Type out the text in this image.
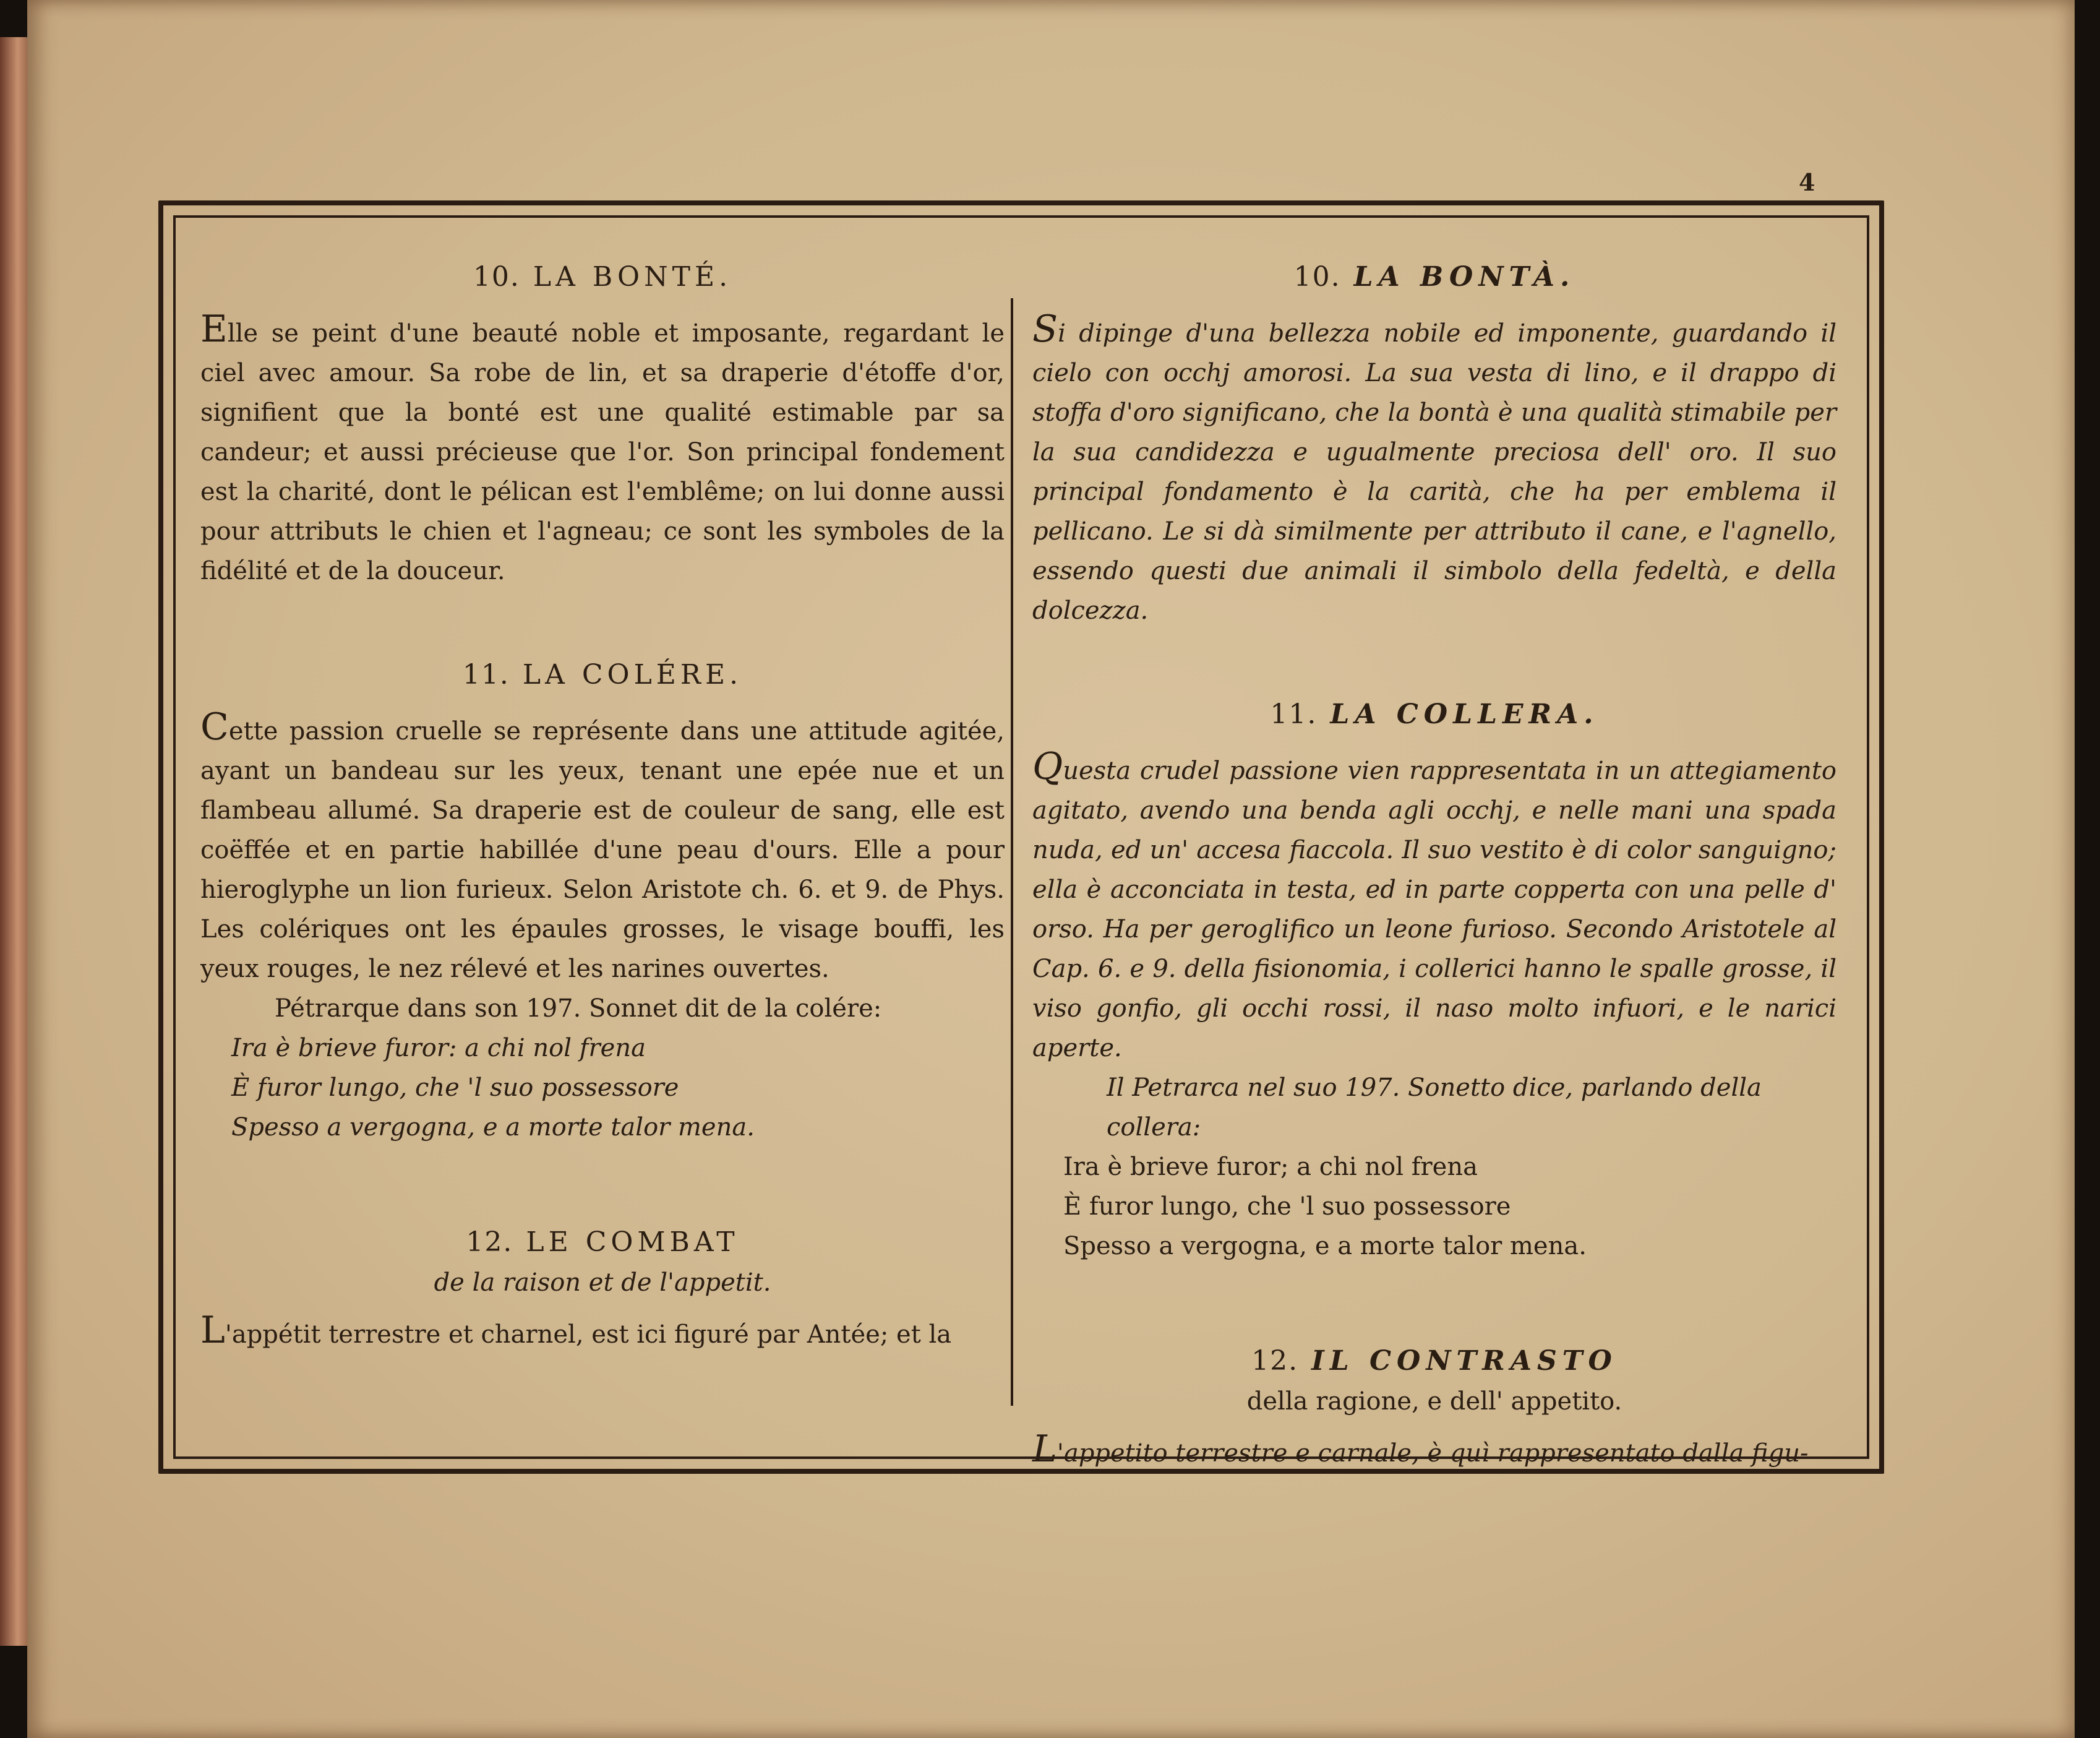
4

10. LA BONTÉ.

Elle se peint d'une beauté noble et imposante, regardant le ciel avec amour. Sa robe de lin, et sa draperie d'étoffe d'or, signifient que la bonté est une qualité estimable par sa candeur; et aussi précieuse que l'or. Son principal fondement est la charité, dont le pélican est l'emblême; on lui donne aussi pour attributs le chien et l'agneau; ce sont les symboles de la fidélité et de la douceur.

11. LA COLÉRE.

Cette passion cruelle se représente dans une attitude agitée, ayant un bandeau sur les yeux, tenant une epée nue et un flambeau allumé. Sa draperie est de couleur de sang, elle est coëffée et en partie habillée d'une peau d'ours. Elle a pour hieroglyphe un lion furieux. Selon Aristote ch. 6. et 9. de Phys. Les colériques ont les épaules grosses, le visage bouffi, les yeux rouges, le nez rélevé et les narines ouvertes.

Pétrarque dans son 197. Sonnet dit de la colére:

Ira è brieve furor: a chi nol frena

È furor lungo, che 'l suo possessore

Spesso a vergogna, e a morte talor mena.

12. LE COMBAT

de la raison et de l'appetit.

L'appétit terrestre et charnel, est ici figuré par Antée; et la

10. LA BONTÀ.

Si dipinge d'una bellezza nobile ed imponente, guardando il cielo con occhj amorosi. La sua vesta di lino, e il drappo di stoffa d'oro significano, che la bontà è una qualità stimabile per la sua candidezza e ugualmente preciosa dell' oro. Il suo principal fondamento è la carità, che ha per emblema il pellicano. Le si dà similmente per attributo il cane, e l'agnello, essendo questi due animali il simbolo della fedeltà, e della dolcezza.

11. LA COLLERA.

Questa crudel passione vien rappresentata in un attegiamento agitato, avendo una benda agli occhj, e nelle mani una spada nuda, ed un' accesa fiaccola. Il suo vestito è di color sanguigno; ella è acconciata in testa, ed in parte copperta con una pelle d' orso. Ha per geroglifico un leone furioso. Secondo Aristotele al Cap. 6. e 9. della fisionomia, i collerici hanno le spalle grosse, il viso gonfio, gli occhi rossi, il naso molto infuori, e le narici aperte.

Il Petrarca nel suo 197. Sonetto dice, parlando della collera:

Ira è brieve furor; a chi nol frena

È furor lungo, che 'l suo possessore

Spesso a vergogna, e a morte talor mena.

12. IL CONTRASTO

della ragione, e dell' appetito.

L'appetito terrestre e carnale, è quì rappresentato dalla figu-
